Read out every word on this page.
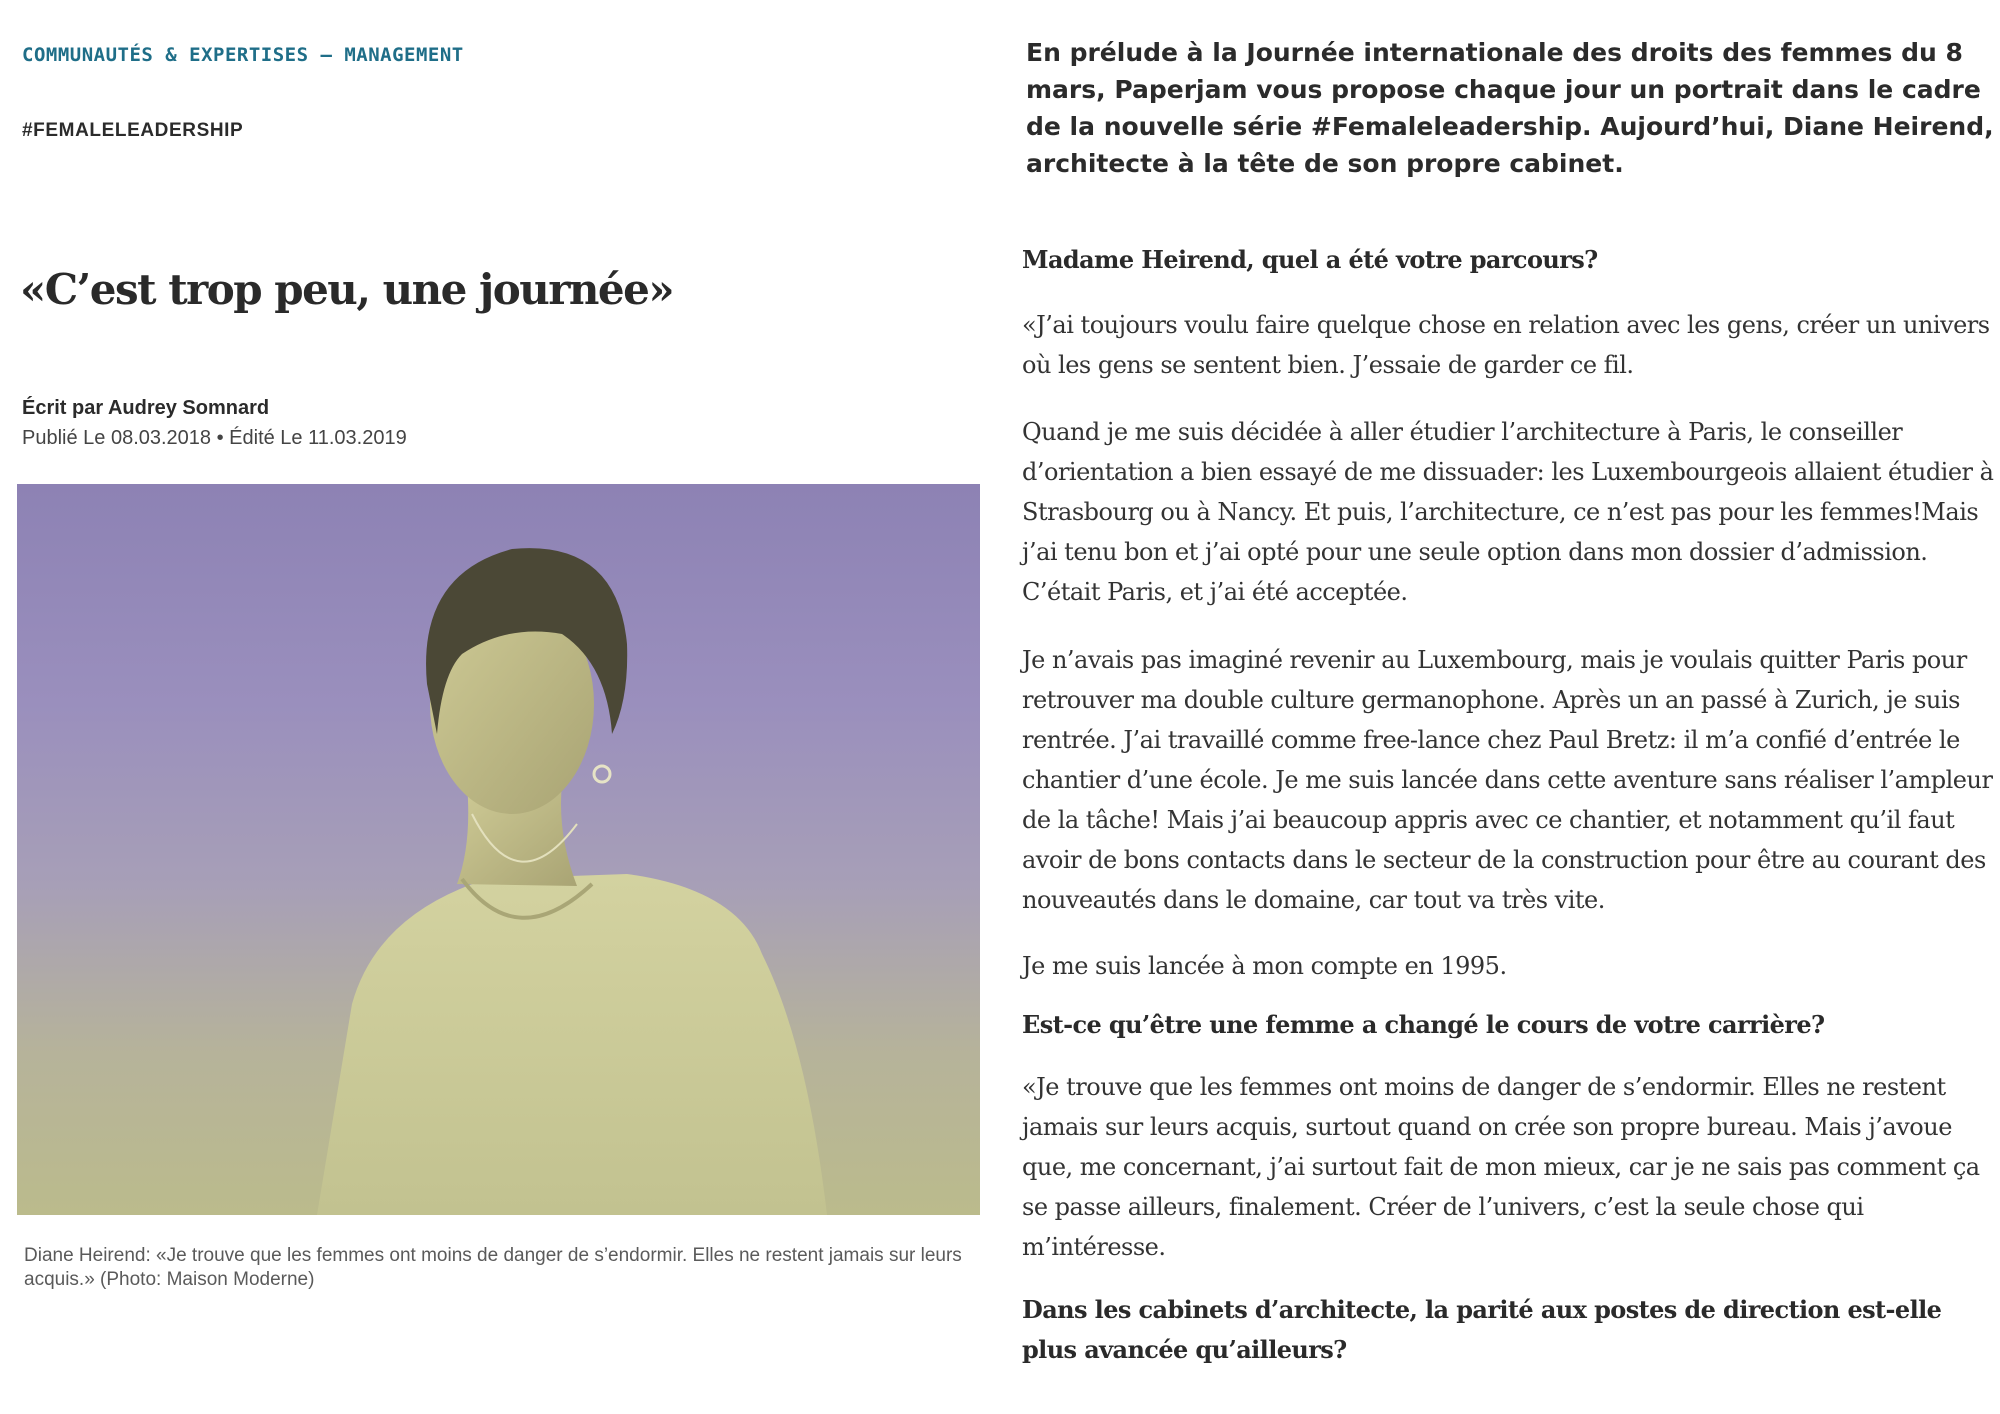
COMMUNAUTÉS & EXPERTISES — MANAGEMENT
#FEMALELEADERSHIP
«C’est trop peu, une journée»
Écrit par Audrey Somnard
Publié Le 08.03.2018 • Édité Le 11.03.2019
Diane Heirend: «Je trouve que les femmes ont moins de danger de s’endormir. Elles ne restent jamais sur leurs acquis.» (Photo: Maison Moderne)

En prélude à la Journée internationale des droits des femmes du 8 mars, Paperjam vous propose chaque jour un portrait dans le cadre de la nouvelle série #Femaleleadership. Aujourd’hui, Diane Heirend, architecte à la tête de son propre cabinet.

Madame Heirend, quel a été votre parcours?

«J’ai toujours voulu faire quelque chose en relation avec les gens, créer un univers où les gens se sentent bien. J’essaie de garder ce fil.

Quand je me suis décidée à aller étudier l’architecture à Paris, le conseiller d’orientation a bien essayé de me dissuader: les Luxembourgeois allaient étudier à Strasbourg ou à Nancy. Et puis, l’architecture, ce n’est pas pour les femmes!Mais j’ai tenu bon et j’ai opté pour une seule option dans mon dossier d’admission. C’était Paris, et j’ai été acceptée.

Je n’avais pas imaginé revenir au Luxembourg, mais je voulais quitter Paris pour retrouver ma double culture germanophone. Après un an passé à Zurich, je suis rentrée. J’ai travaillé comme free-lance chez Paul Bretz: il m’a confié d’entrée le chantier d’une école. Je me suis lancée dans cette aventure sans réaliser l’ampleur de la tâche! Mais j’ai beaucoup appris avec ce chantier, et notamment qu’il faut avoir de bons contacts dans le secteur de la construction pour être au courant des nouveautés dans le domaine, car tout va très vite.

Je me suis lancée à mon compte en 1995.

Est-ce qu’être une femme a changé le cours de votre carrière?

«Je trouve que les femmes ont moins de danger de s’endormir. Elles ne restent jamais sur leurs acquis, surtout quand on crée son propre bureau. Mais j’avoue que, me concernant, j’ai surtout fait de mon mieux, car je ne sais pas comment ça se passe ailleurs, finalement. Créer de l’univers, c’est la seule chose qui m’intéresse.

Dans les cabinets d’architecte, la parité aux postes de direction est-elle plus avancée qu’ailleurs?
